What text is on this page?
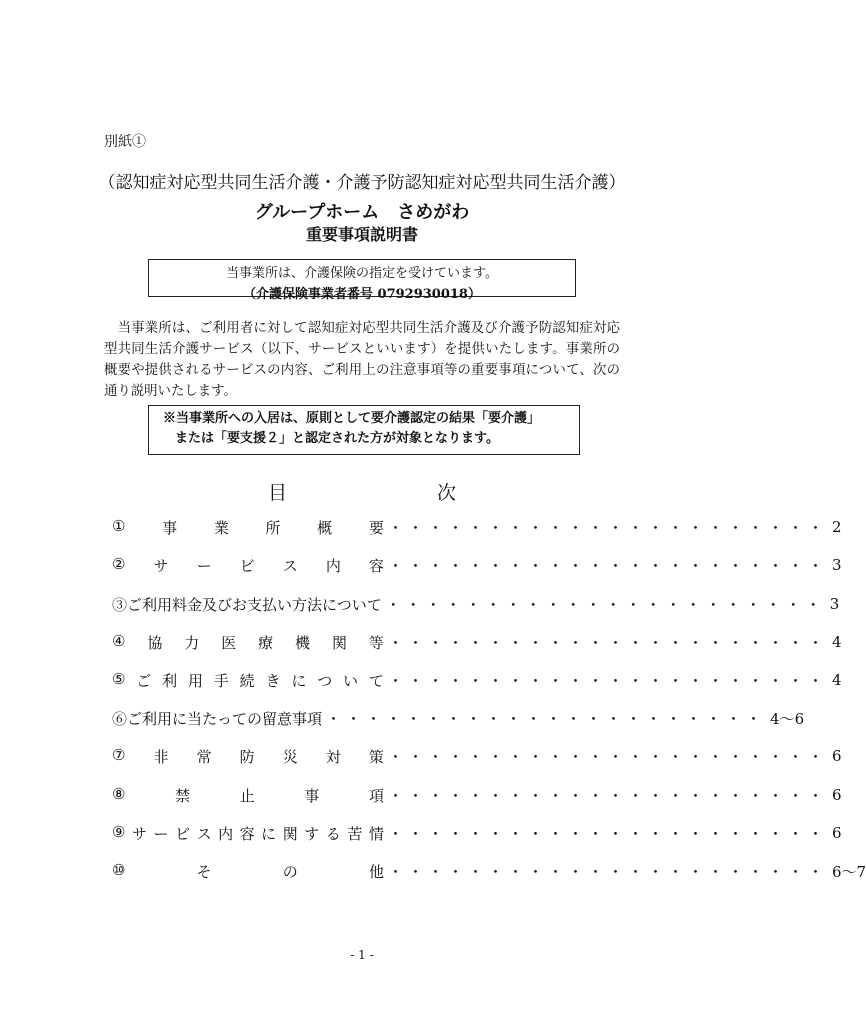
別紙①
（認知症対応型共同生活介護・介護予防認知症対応型共同生活介護）
グループホーム　さめがわ
重要事項説明書
当事業所は、介護保険の指定を受けています。
（介護保険事業者番号 0792930018）
　当事業所は、ご利用者に対して認知症対応型共同生活介護及び介護予防認知症対応型共同生活介護サービス（以下、サービスといいます）を提供いたします。事業所の概要や提供されるサービスの内容、ご利用上の注意事項等の重要事項について、次の通り説明いたします。
※当事業所への入居は、原則として要介護認定の結果「要介護」
または「要支援２」と認定された方が対象となります。
目次
① 事 業 所 概 要 ・・・・・・・・・・・・・・・・・・・・・・ 2
② サ ー ビ ス 内 容 ・・・・・・・・・・・・・・・・・・・・・・ 3
③ご利用料金及びお支払い方法について ・・・・・・・・・・・・・・・・・・・・・・ 3
④ 協 力 医 療 機 関 等 ・・・・・・・・・・・・・・・・・・・・・・ 4
⑤ ご 利 用 手 続 き に つ い て ・・・・・・・・・・・・・・・・・・・・・・ 4
⑥ご利用に当たっての留意事項 ・・・・・・・・・・・・・・・・・・・・・・ 4～6
⑦ 非 常 防 災 対 策 ・・・・・・・・・・・・・・・・・・・・・・ 6
⑧	禁	止	事	項 ・・・・・・・・・・・・・・・・・・・・・・ 6
⑨ サ ー ビ ス 内 容 に 関 す る 苦 情 ・・・・・・・・・・・・・・・・・・・・・・ 6
⑩	そ	の	他 ・・・・・・・・・・・・・・・・・・・・・・ 6～7
- 1 -
